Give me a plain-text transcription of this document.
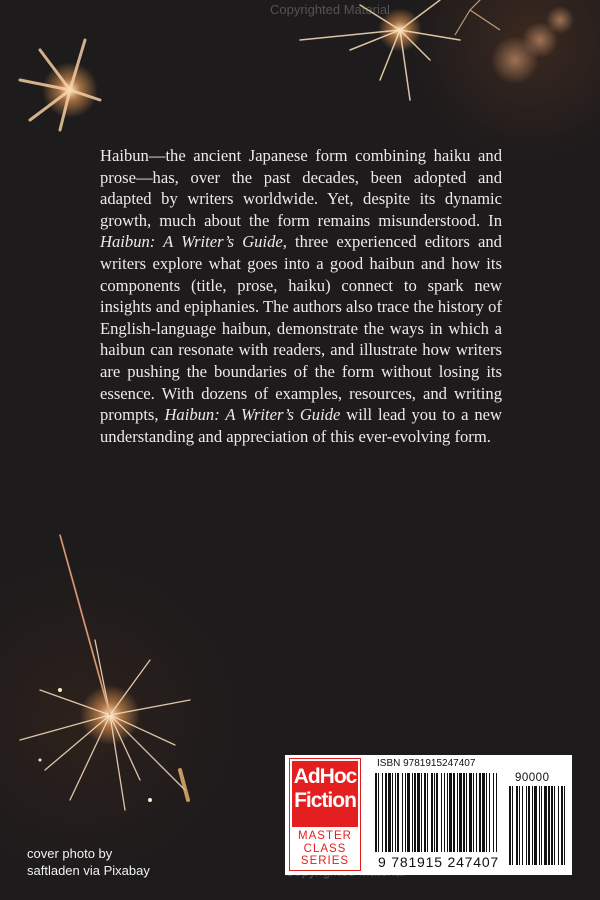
Copyrighted Material

Haibun—the ancient Japanese form combining haiku and prose—has, over the past decades, been adopted and adapted by writers worldwide. Yet, despite its dynamic growth, much about the form remains misunderstood. In Haibun: A Writer’s Guide, three experienced editors and writers explore what goes into a good haibun and how its components (title, prose, haiku) connect to spark new insights and epiphanies. The authors also trace the history of English-language haibun, demonstrate the ways in which a haibun can resonate with readers, and illustrate how writers are pushing the boundaries of the form without losing its essence. With dozens of examples, resources, and writing prompts, Haibun: A Writer’s Guide will lead you to a new understanding and appreciation of this ever-evolving form.

cover photo by
saftladen via Pixabay
AdHoc
Fiction
MASTER
CLASS
SERIES
ISBN 9781915247407
90000
9 781915 247407
